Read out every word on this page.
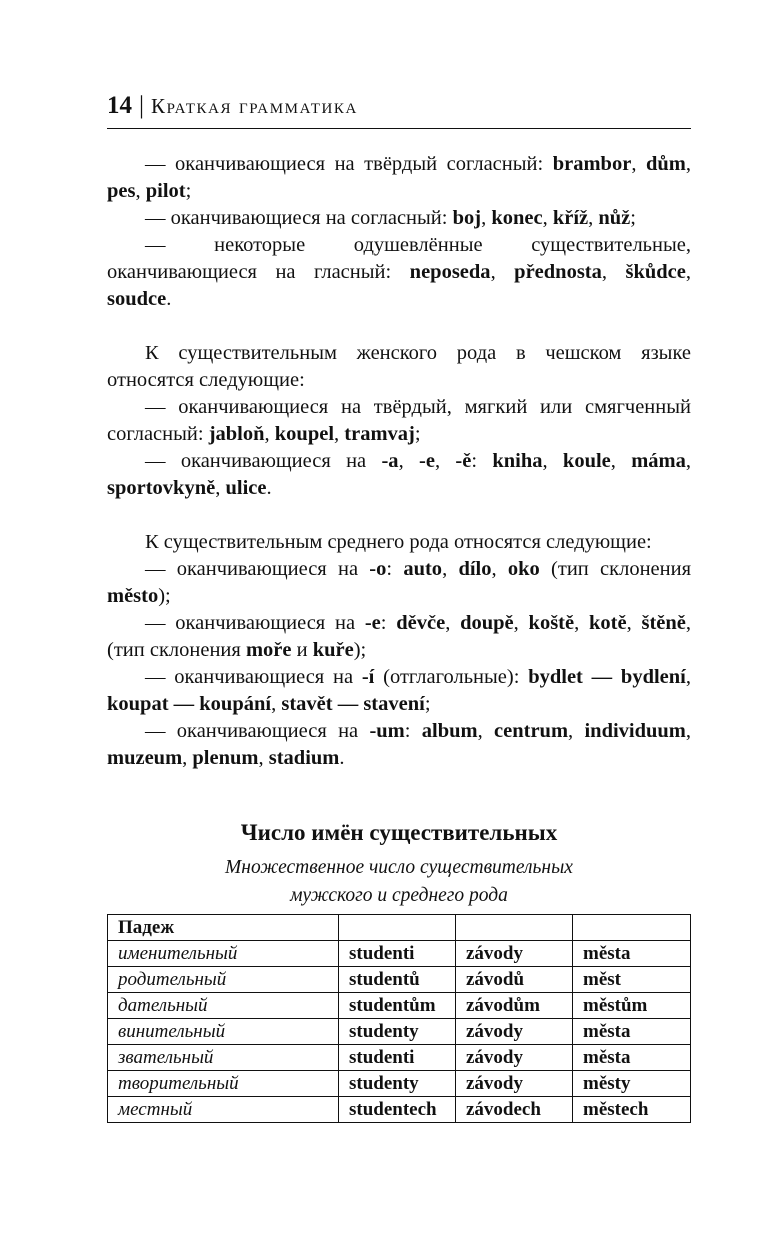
14 | Краткая грамматика

— оканчивающиеся на твёрдый согласный: brambor, dům, pes, pilot;

— оканчивающиеся на согласный: boj, konec, kříž, nůž;

— некоторые одушевлённые существительные, оканчивающиеся на гласный: neposeda, přednosta, škůdce, soudce.

К существительным женского рода в чешском языке относятся следующие:

— оканчивающиеся на твёрдый, мягкий или смягченный согласный: jabloň, koupel, tramvaj;

— оканчивающиеся на -a, -e, -ě: kniha, koule, máma, sportovkyně, ulice.

К существительным среднего рода относятся следующие:

— оканчивающиеся на -o: auto, dílo, oko (тип склонения město);

— оканчивающиеся на -e: děvče, doupě, koště, kotě, štěně, (тип склонения moře и kuře);

— оканчивающиеся на -í (отглагольные): bydlet — bydlení, koupat — koupání, stavět — stavení;

— оканчивающиеся на -um: album, centrum, individuum, muzeum, plenum, stadium.

Число имён существительных
Множественное число существительных
мужского и среднего рода
Падеж			
именительный	studenti	závody	města
родительный	studentů	závodů	měst
дательный	studentům	závodům	městům
винительный	studenty	závody	města
звательный	studenti	závody	města
творительный	studenty	závody	městy
местный	studentech	závodech	městech
